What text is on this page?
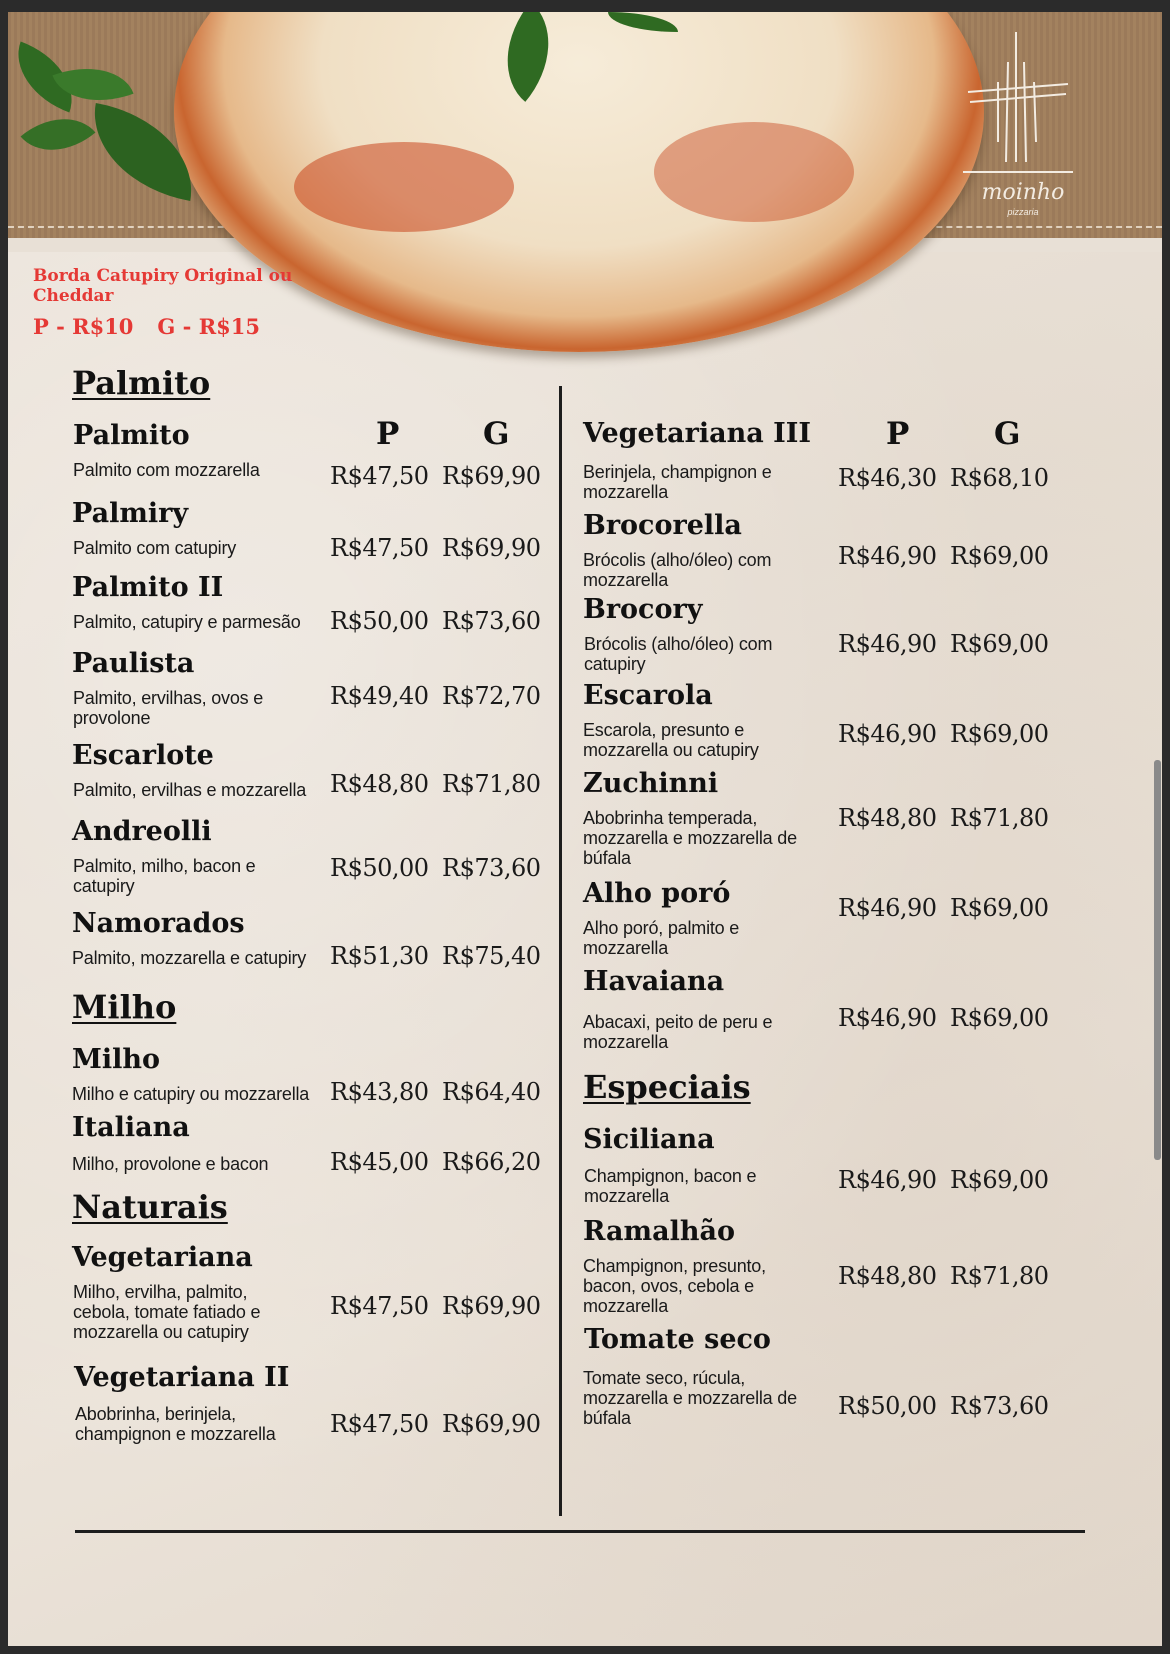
moinho
pizzaria
Borda Catupiry Original ou Cheddar
P - R$10 G - R$15
Palmito
P	G
Palmito
Palmito com mozzarella	R$47,50 R$69,90
Palmiry
Palmito com catupiry	R$47,50 R$69,90
Palmito II
Palmito, catupiry e parmesão	R$50,00 R$73,60
Paulista
Palmito, ervilhas, ovos e provolone
R$49,40 R$72,70
Escarlote
Palmito, ervilhas e mozzarella R$48,80 R$71,80
Andreolli
Palmito, milho, bacon e catupiry
R$50,00 R$73,60
Namorados
Palmito, mozzarella e catupiry R$51,30 R$75,40
Milho
Milho
Milho e catupiry ou mozzarella R$43,80 R$64,40
Italiana
Milho, provolone e bacon	R$45,00 R$66,20
Naturais
Vegetariana
Milho, ervilha, palmito, cebola, tomate fatiado e mozzarella ou catupiry
R$47,50 R$69,90
Vegetariana II
Abobrinha, berinjela, champignon e mozzarella	R$47,50 R$69,90
Vegetariana III P	G
Berinjela, champignon e mozzarella	R$46,30 R$68,10
Brocorella
Brócolis (alho/óleo) com mozzarella
R$46,90 R$69,00
Brocory
Brócolis (alho/óleo) com catupiry
R$46,90 R$69,00
Escarola
Escarola, presunto e mozzarella ou catupiry
R$46,90 R$69,00
Zuchinni
Abobrinha temperada, mozzarella e mozzarella de búfala
R$48,80 R$71,80
Alho poró
Alho poró, palmito e mozzarella
R$46,90 R$69,00
Havaiana
Abacaxi, peito de peru e mozzarella
R$46,90 R$69,00
Especiais
Siciliana
Champignon, bacon e mozzarella
R$46,90 R$69,00
Ramalhão
Champignon, presunto, bacon, ovos, cebola e mozzarella
R$48,80 R$71,80
Tomate seco
Tomate seco, rúcula, mozzarella e mozzarella de búfala	R$50,00 R$73,60
